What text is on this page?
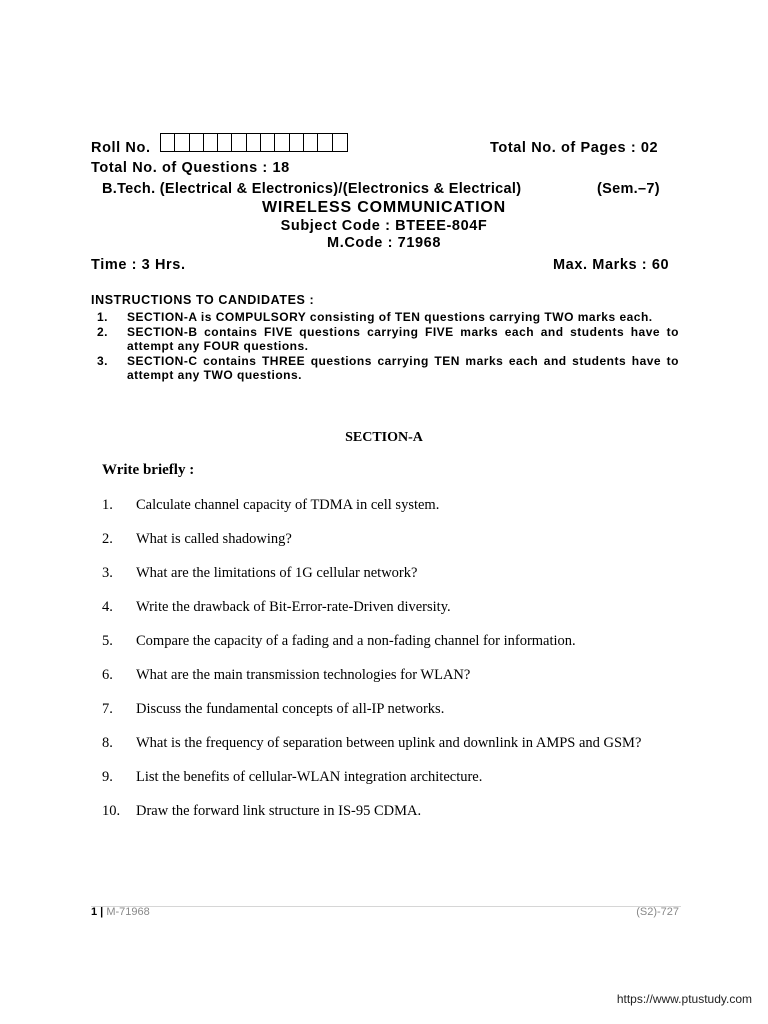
Roll No.	Total No. of Pages : 02
Total No. of Questions : 18
B.Tech. (Electrical & Electronics)/(Electronics & Electrical)	(Sem.–7)
WIRELESS COMMUNICATION
Subject Code : BTEEE-804F
M.Code : 71968
Time : 3 Hrs.	Max. Marks : 60
INSTRUCTIONS TO CANDIDATES :
1.	SECTION-A is COMPULSORY consisting of TEN questions carrying TWO marks each.
2.	SECTION-B contains FIVE questions carrying FIVE marks each and students have to attempt any FOUR questions.
3.	SECTION-C contains THREE questions carrying TEN marks each and students have to attempt any TWO questions.
SECTION-A
Write briefly :
1.	Calculate channel capacity of TDMA in cell system.
2.	What is called shadowing?
3.	What are the limitations of 1G cellular network?
4.	Write the drawback of Bit-Error-rate-Driven diversity.
5.	Compare the capacity of a fading and a non-fading channel for information.
6.	What are the main transmission technologies for WLAN?
7.	Discuss the fundamental concepts of all-IP networks.
8.	What is the frequency of separation between uplink and downlink in AMPS and GSM?
9.	List the benefits of cellular-WLAN integration architecture.
10.	Draw the forward link structure in IS-95 CDMA.
1 | M-71968	(S2)-727
https://www.ptustudy.com
